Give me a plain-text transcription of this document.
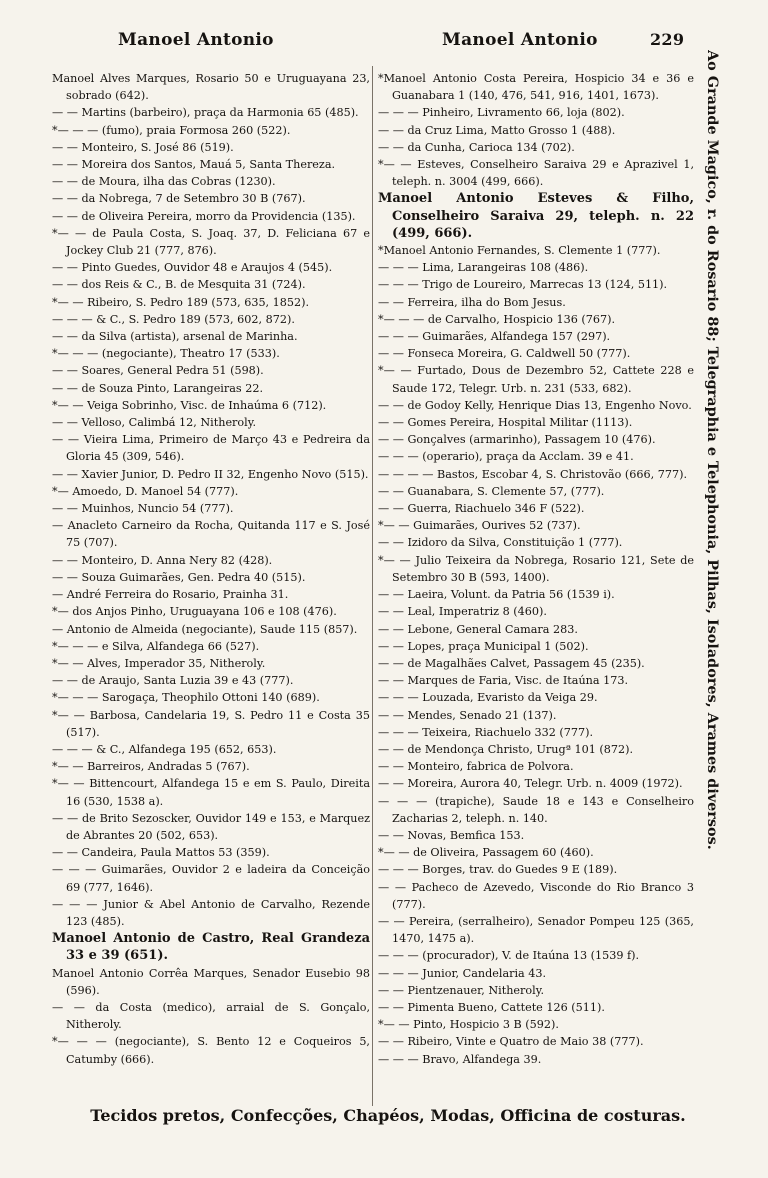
Manoel Antonio	Manoel Antonio	229
Manoel Alves Marques, Rosario 50 e Uruguayana 23, sobrado (642).
— — Martins (barbeiro), praça da Harmonia 65 (485).
*— — — (fumo), praia Formosa 260 (522).
— — Monteiro, S. José 86 (519).
— — Moreira dos Santos, Mauá 5, Santa Thereza.
— — de Moura, ilha das Cobras (1230).
— — da Nobrega, 7 de Setembro 30 B (767).
— — de Oliveira Pereira, morro da Providencia (135).
*— — de Paula Costa, S. Joaq. 37, D. Feliciana 67 e Jockey Club 21 (777, 876).
— — Pinto Guedes, Ouvidor 48 e Araujos 4 (545).
— — dos Reis & C., B. de Mesquita 31 (724).
*— — Ribeiro, S. Pedro 189 (573, 635, 1852).
— — — & C., S. Pedro 189 (573, 602, 872).
— — da Silva (artista), arsenal de Marinha.
*— — — (negociante), Theatro 17 (533).
— — Soares, General Pedra 51 (598).
— — de Souza Pinto, Larangeiras 22.
*— — Veiga Sobrinho, Visc. de Inhaúma 6 (712).
— — Velloso, Calimbá 12, Nitheroly.
— — Vieira Lima, Primeiro de Março 43 e Pedreira da Gloria 45 (309, 546).
— — Xavier Junior, D. Pedro II 32, Engenho Novo (515).
*— Amoedo, D. Manoel 54 (777).
— — Muinhos, Nuncio 54 (777).
— Anacleto Carneiro da Rocha, Quitanda 117 e S. José 75 (707).
— — Monteiro, D. Anna Nery 82 (428).
— — Souza Guimarães, Gen. Pedra 40 (515).
— André Ferreira do Rosario, Prainha 31.
*— dos Anjos Pinho, Uruguayana 106 e 108 (476).
— Antonio de Almeida (negociante), Saude 115 (857).
*— — — e Silva, Alfandega 66 (527).
*— — Alves, Imperador 35, Nitheroly.
— — de Araujo, Santa Luzia 39 e 43 (777).
*— — — Sarogaça, Theophilo Ottoni 140 (689).
*— — Barbosa, Candelaria 19, S. Pedro 11 e Costa 35 (517).
— — — & C., Alfandega 195 (652, 653).
*— — Barreiros, Andradas 5 (767).
*— — Bittencourt, Alfandega 15 e em S. Paulo, Direita 16 (530, 1538 a).
— — de Brito Sezoscker, Ouvidor 149 e 153, e Marquez de Abrantes 20 (502, 653).
— — Candeira, Paula Mattos 53 (359).
— — — Guimarães, Ouvidor 2 e ladeira da Conceição 69 (777, 1646).
— — — Junior & Abel Antonio de Carvalho, Rezende 123 (485).
Manoel Antonio de Castro, Real Grandeza 33 e 39 (651).
Manoel Antonio Corrêa Marques, Senador Eusebio 98 (596).
— — da Costa (medico), arraial de S. Gonçalo, Nitheroly.
*— — — (negociante), S. Bento 12 e Coqueiros 5, Catumby (666).
*Manoel Antonio Costa Pereira, Hospicio 34 e 36 e Guanabara 1 (140, 476, 541, 916, 1401, 1673).
— — — Pinheiro, Livramento 66, loja (802).
— — da Cruz Lima, Matto Grosso 1 (488).
— — da Cunha, Carioca 134 (702).
*— — Esteves, Conselheiro Saraiva 29 e Aprazivel 1, teleph. n. 3004 (499, 666).
Manoel Antonio Esteves & Filho, Conselheiro Saraiva 29, teleph. n. 22 (499, 666).
*Manoel Antonio Fernandes, S. Clemente 1 (777).
— — — Lima, Larangeiras 108 (486).
— — — Trigo de Loureiro, Marrecas 13 (124, 511).
— — Ferreira, ilha do Bom Jesus.
*— — — de Carvalho, Hospicio 136 (767).
— — — Guimarães, Alfandega 157 (297).
— — Fonseca Moreira, G. Caldwell 50 (777).
*— — Furtado, Dous de Dezembro 52, Cattete 228 e Saude 172, Telegr. Urb. n. 231 (533, 682).
— — de Godoy Kelly, Henrique Dias 13, Engenho Novo.
— — Gomes Pereira, Hospital Militar (1113).
— — Gonçalves (armarinho), Passagem 10 (476).
— — — (operario), praça da Acclam. 39 e 41.
— — — — Bastos, Escobar 4, S. Christovão (666, 777).
— — Guanabara, S. Clemente 57, (777).
— — Guerra, Riachuelo 346 F (522).
*— — Guimarães, Ourives 52 (737).
— — Izidoro da Silva, Constituição 1 (777).
*— — Julio Teixeira da Nobrega, Rosario 121, Sete de Setembro 30 B (593, 1400).
— — Laeira, Volunt. da Patria 56 (1539 i).
— — Leal, Imperatriz 8 (460).
— — Lebone, General Camara 283.
— — Lopes, praça Municipal 1 (502).
— — de Magalhães Calvet, Passagem 45 (235).
— — Marques de Faria, Visc. de Itaúna 173.
— — — Louzada, Evaristo da Veiga 29.
— — Mendes, Senado 21 (137).
— — — Teixeira, Riachuelo 332 (777).
— — de Mendonça Christo, Urugª 101 (872).
— — Monteiro, fabrica de Polvora.
— — Moreira, Aurora 40, Telegr. Urb. n. 4009 (1972).
— — — (trapiche), Saude 18 e 143 e Conselheiro Zacharias 2, teleph. n. 140.
— — Novas, Bemfica 153.
*— — de Oliveira, Passagem 60 (460).
— — — Borges, trav. do Guedes 9 E (189).
— — Pacheco de Azevedo, Visconde do Rio Branco 3 (777).
— — Pereira, (serralheiro), Senador Pompeu 125 (365, 1470, 1475 a).
— — — (procurador), V. de Itaúna 13 (1539 f).
— — — Junior, Candelaria 43.
— — Pientzenauer, Nitheroly.
— — Pimenta Bueno, Cattete 126 (511).
*— — Pinto, Hospicio 3 B (592).
— — Ribeiro, Vinte e Quatro de Maio 38 (777).
— — — Bravo, Alfandega 39.
Ao Grande Magico, r. do Rosario 88; Telegraphia e Telephonia, Pilhas, Isoladores, Arames diversos.
Tecidos pretos, Confecções, Chapéos, Modas, Officina de costuras.
